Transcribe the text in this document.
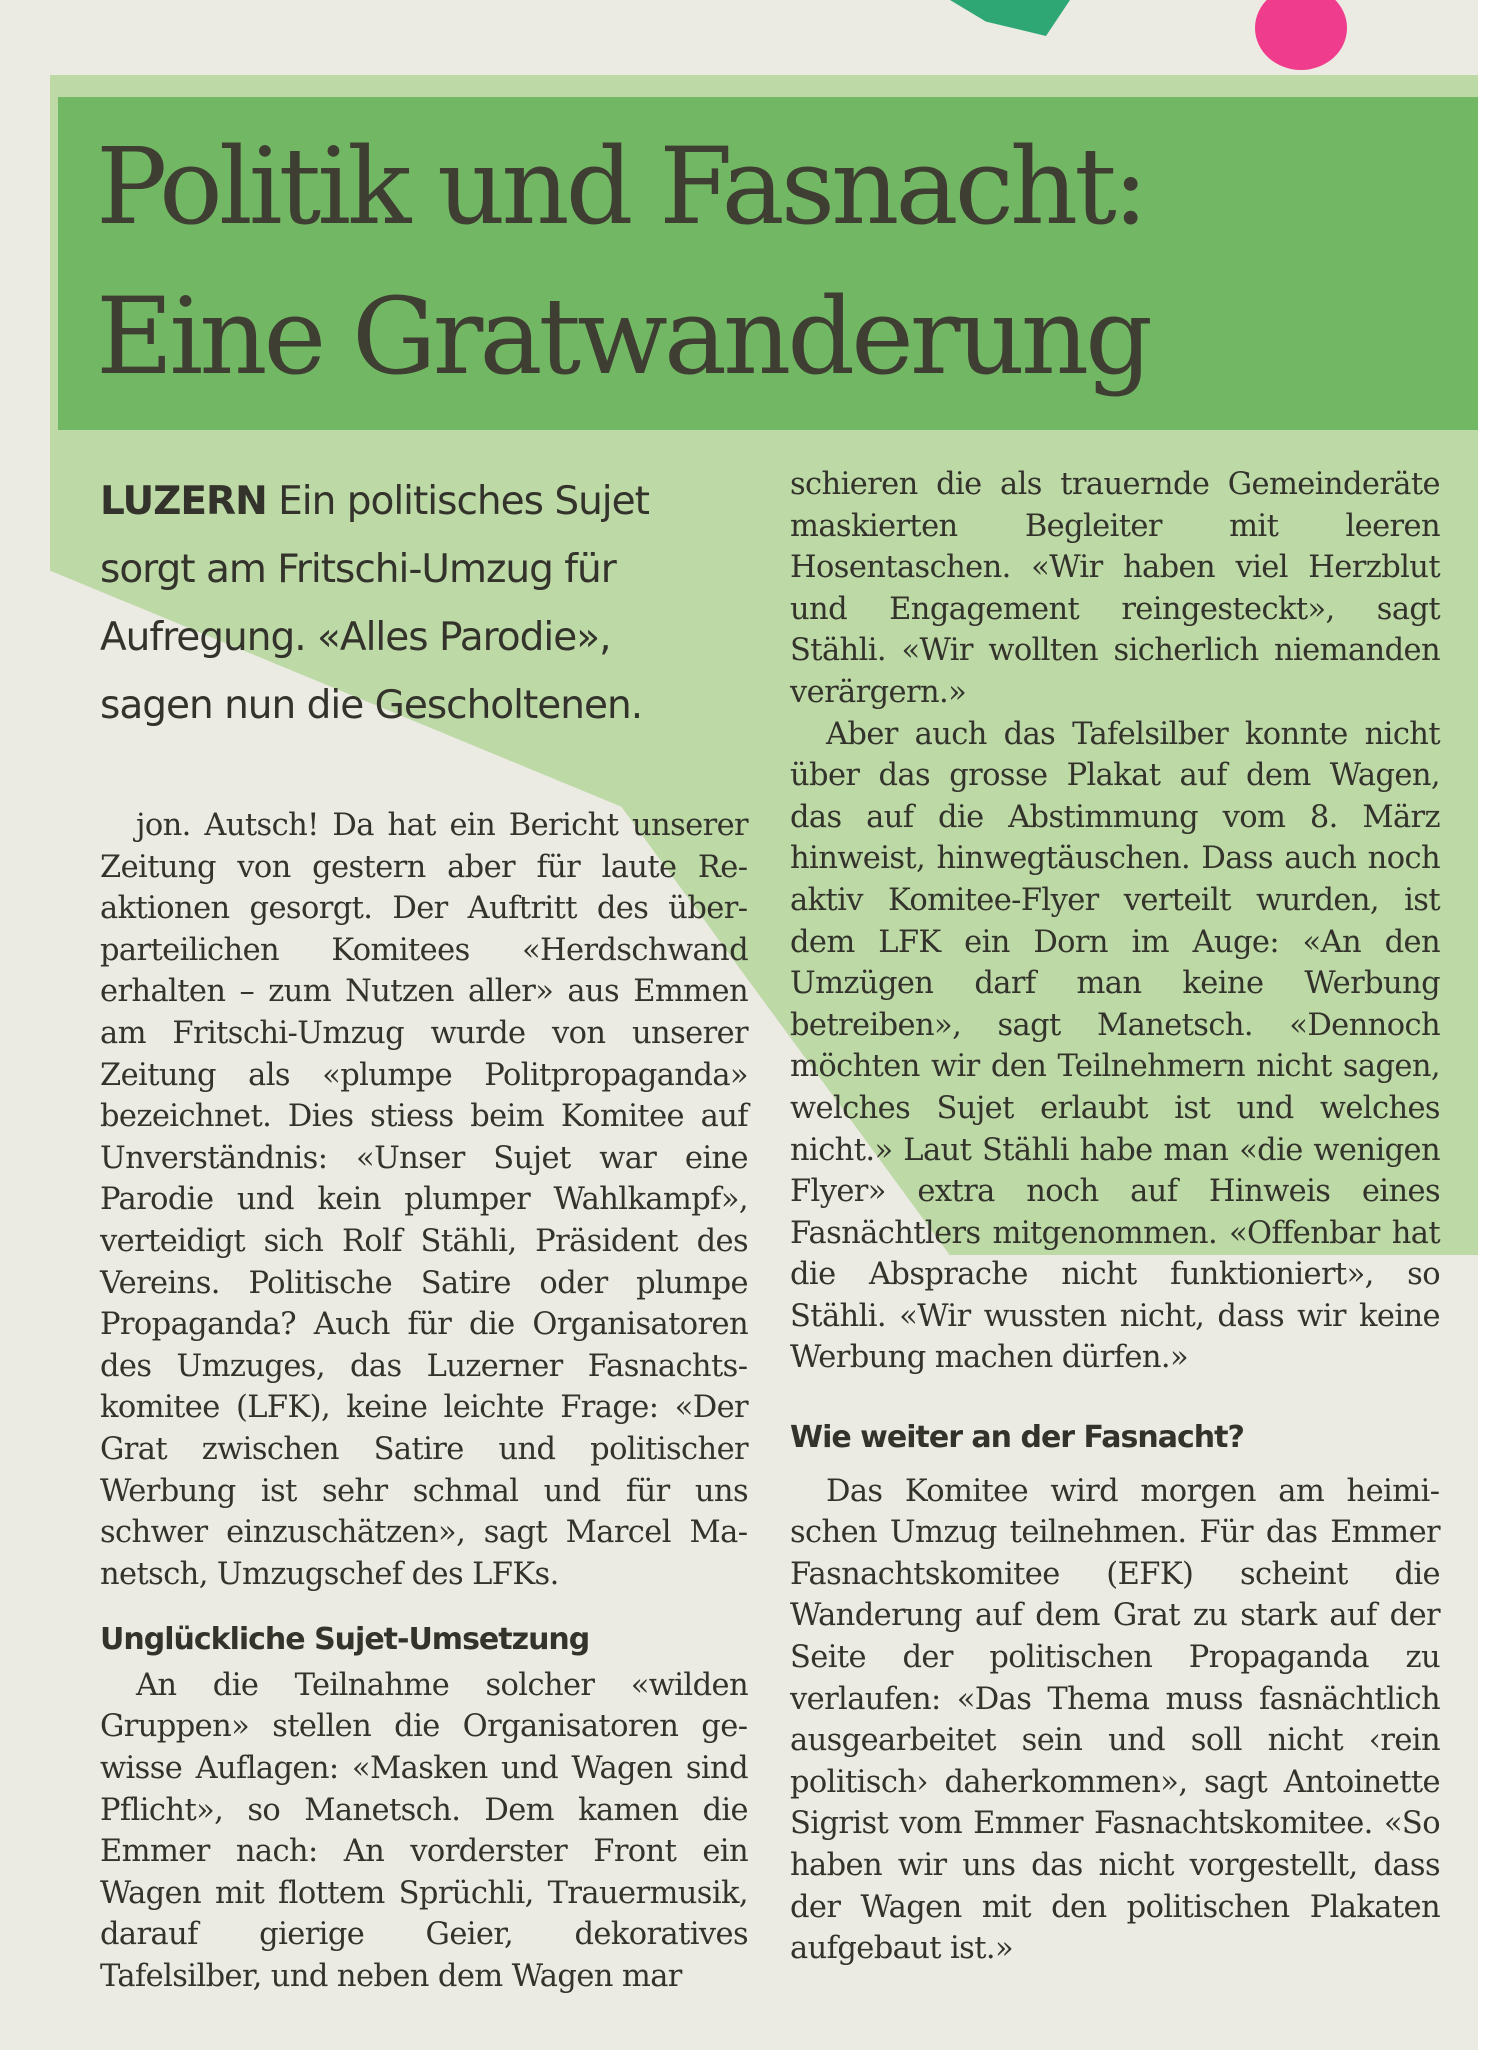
Politik und Fasnacht:
Eine Gratwanderung

LUZERN Ein politisches Sujet sorgt am Fritschi-Umzug für Aufregung. «Alles Parodie», sagen nun die Gescholtenen.

jon. Autsch! Da hat ein Bericht unserer Zeitung von gestern aber für laute Reaktionen gesorgt. Der Auftritt des überparteilichen Komitees «Herdschwand erhalten – zum Nutzen aller» aus Emmen am Fritschi-Umzug wurde von unserer Zeitung als «plumpe Politpropaganda» bezeichnet. Dies stiess beim Komitee auf Unverständnis: «Unser Sujet war eine Parodie und kein plumper Wahlkampf», verteidigt sich Rolf Stähli, Präsident des Vereins. Politische Satire oder plumpe Propaganda? Auch für die Organisatoren des Umzuges, das Luzerner Fasnachtskomitee (LFK), keine leichte Frage: «Der Grat zwischen Satire und politischer Werbung ist sehr schmal und für uns schwer einzuschätzen», sagt Marcel Manetsch, Umzugschef des LFKs.

Unglückliche Sujet-Umsetzung

An die Teilnahme solcher «wilden Gruppen» stellen die Organisatoren gewisse Auflagen: «Masken und Wagen sind Pflicht», so Manetsch. Dem kamen die Emmer nach: An vorderster Front ein Wagen mit flottem Sprüchli, Trauermusik, darauf gierige Geier, dekoratives Tafelsilber, und neben dem Wagen mar

schieren die als trauernde Gemeinderäte maskierten Begleiter mit leeren Hosentaschen. «Wir haben viel Herzblut und Engagement reingesteckt», sagt Stähli. «Wir wollten sicherlich niemanden verärgern.»

Aber auch das Tafelsilber konnte nicht über das grosse Plakat auf dem Wagen, das auf die Abstimmung vom 8. März hinweist, hinwegtäuschen. Dass auch noch aktiv Komitee-Flyer verteilt wurden, ist dem LFK ein Dorn im Auge: «An den Umzügen darf man keine Werbung betreiben», sagt Manetsch. «Dennoch möchten wir den Teilnehmern nicht sagen, welches Sujet erlaubt ist und welches nicht.» Laut Stähli habe man «die wenigen Flyer» extra noch auf Hinweis eines Fasnächtlers mitgenommen. «Offenbar hat die Absprache nicht funktioniert», so Stähli. «Wir wussten nicht, dass wir keine Werbung machen dürfen.»

Wie weiter an der Fasnacht?

Das Komitee wird morgen am heimischen Umzug teilnehmen. Für das Emmer Fasnachtskomitee (EFK) scheint die Wanderung auf dem Grat zu stark auf der Seite der politischen Propaganda zu verlaufen: «Das Thema muss fasnächtlich ausgearbeitet sein und soll nicht ‹rein politisch› daherkommen», sagt Antoinette Sigrist vom Emmer Fasnachtskomitee. «So haben wir uns das nicht vorgestellt, dass der Wagen mit den politischen Plakaten aufgebaut ist.»
